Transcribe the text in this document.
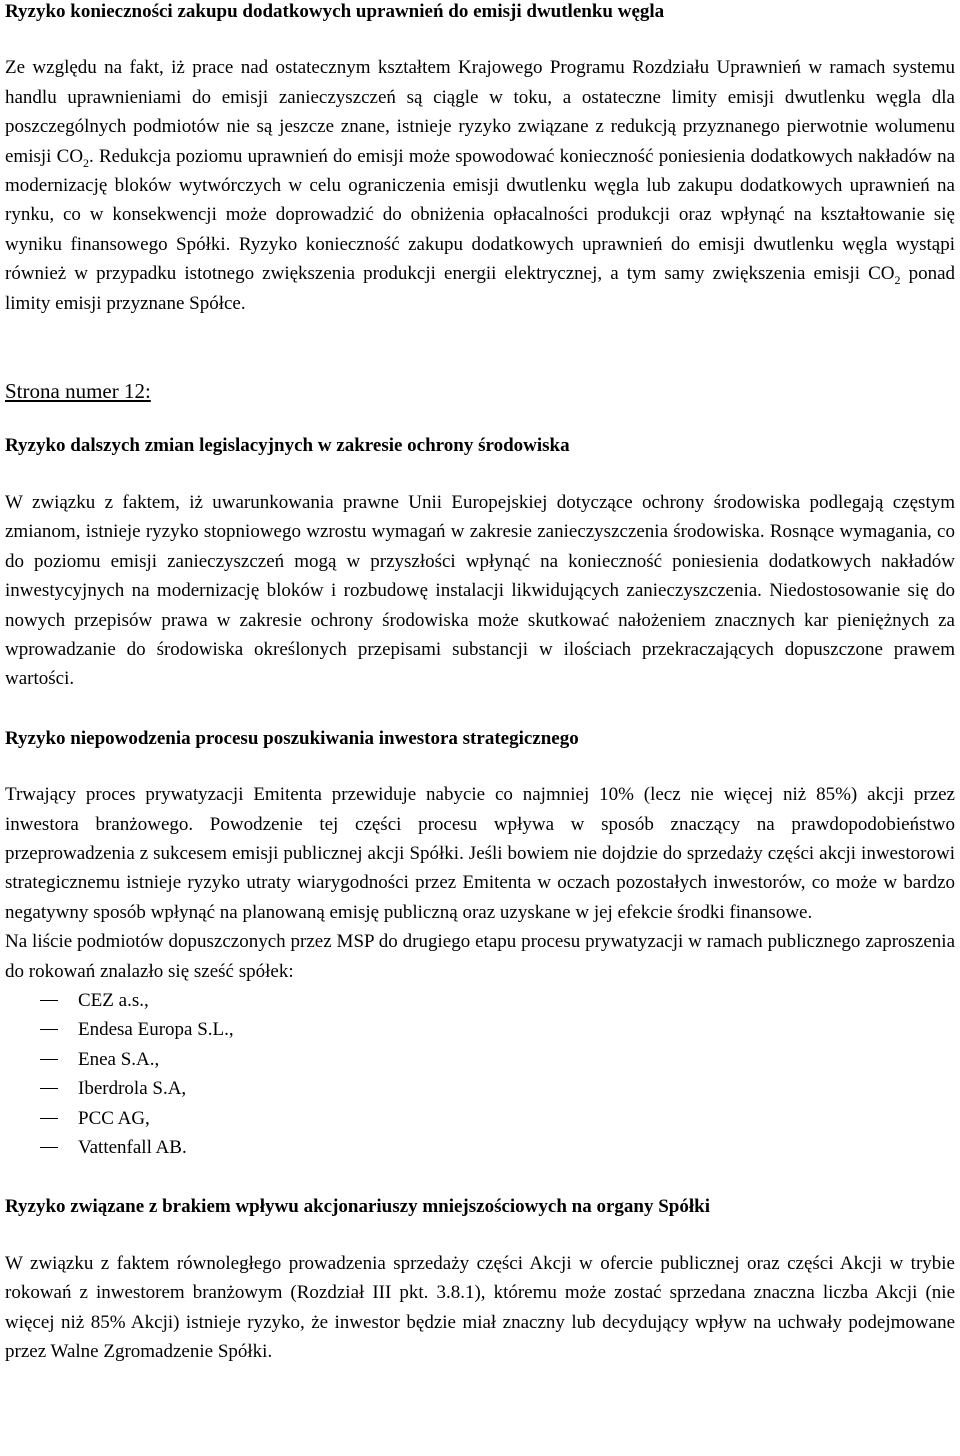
Ryzyko konieczności zakupu dodatkowych uprawnień do emisji dwutlenku węgla

Ze względu na fakt, iż prace nad ostatecznym kształtem Krajowego Programu Rozdziału Uprawnień w ramach systemu handlu uprawnieniami do emisji zanieczyszczeń są ciągle w toku, a ostateczne limity emisji dwutlenku węgla dla poszczególnych podmiotów nie są jeszcze znane, istnieje ryzyko związane z redukcją przyznanego pierwotnie wolumenu emisji $CO_2$. Redukcja poziomu uprawnień do emisji może spowodować konieczność poniesienia dodatkowych nakładów na modernizację bloków wytwórczych w celu ograniczenia emisji dwutlenku węgla lub zakupu dodatkowych uprawnień na rynku, co w konsekwencji może doprowadzić do obniżenia opłacalności produkcji oraz wpłynąć na kształtowanie się wyniku finansowego Spółki. Ryzyko konieczność zakupu dodatkowych uprawnień do emisji dwutlenku węgla wystąpi również w przypadku istotnego zwiększenia produkcji energii elektrycznej, a tym samy zwiększenia emisji $CO_2$ ponad limity emisji przyznane Spółce.

Strona numer 12:

Ryzyko dalszych zmian legislacyjnych w zakresie ochrony środowiska

W związku z faktem, iż uwarunkowania prawne Unii Europejskiej dotyczące ochrony środowiska podlegają częstym zmianom, istnieje ryzyko stopniowego wzrostu wymagań w zakresie zanieczyszczenia środowiska. Rosnące wymagania, co do poziomu emisji zanieczyszczeń mogą w przyszłości wpłynąć na konieczność poniesienia dodatkowych nakładów inwestycyjnych na modernizację bloków i rozbudowę instalacji likwidujących zanieczyszczenia. Niedostosowanie się do nowych przepisów prawa w zakresie ochrony środowiska może skutkować nałożeniem znacznych kar pieniężnych za wprowadzanie do środowiska określonych przepisami substancji w ilościach przekraczających dopuszczone prawem wartości.

Ryzyko niepowodzenia procesu poszukiwania inwestora strategicznego

Trwający proces prywatyzacji Emitenta przewiduje nabycie co najmniej 10% (lecz nie więcej niż 85%) akcji przez inwestora branżowego. Powodzenie tej części procesu wpływa w sposób znaczący na prawdopodobieństwo przeprowadzenia z sukcesem emisji publicznej akcji Spółki. Jeśli bowiem nie dojdzie do sprzedaży części akcji inwestorowi strategicznemu istnieje ryzyko utraty wiarygodności przez Emitenta w oczach pozostałych inwestorów, co może w bardzo negatywny sposób wpłynąć na planowaną emisję publiczną oraz uzyskane w jej efekcie środki finansowe.

Na liście podmiotów dopuszczonych przez MSP do drugiego etapu procesu prywatyzacji w ramach publicznego zaproszenia do rokowań znalazło się sześć spółek:

CEZ a.s.,
Endesa Europa S.L.,
Enea S.A.,
Iberdrola S.A,
PCC AG,
Vattenfall AB.

Ryzyko związane z brakiem wpływu akcjonariuszy mniejszościowych na organy Spółki

W związku z faktem równoległego prowadzenia sprzedaży części Akcji w ofercie publicznej oraz części Akcji w trybie rokowań z inwestorem branżowym (Rozdział III pkt. 3.8.1), któremu może zostać sprzedana znaczna liczba Akcji (nie więcej niż 85% Akcji) istnieje ryzyko, że inwestor będzie miał znaczny lub decydujący wpływ na uchwały podejmowane przez Walne Zgromadzenie Spółki.
